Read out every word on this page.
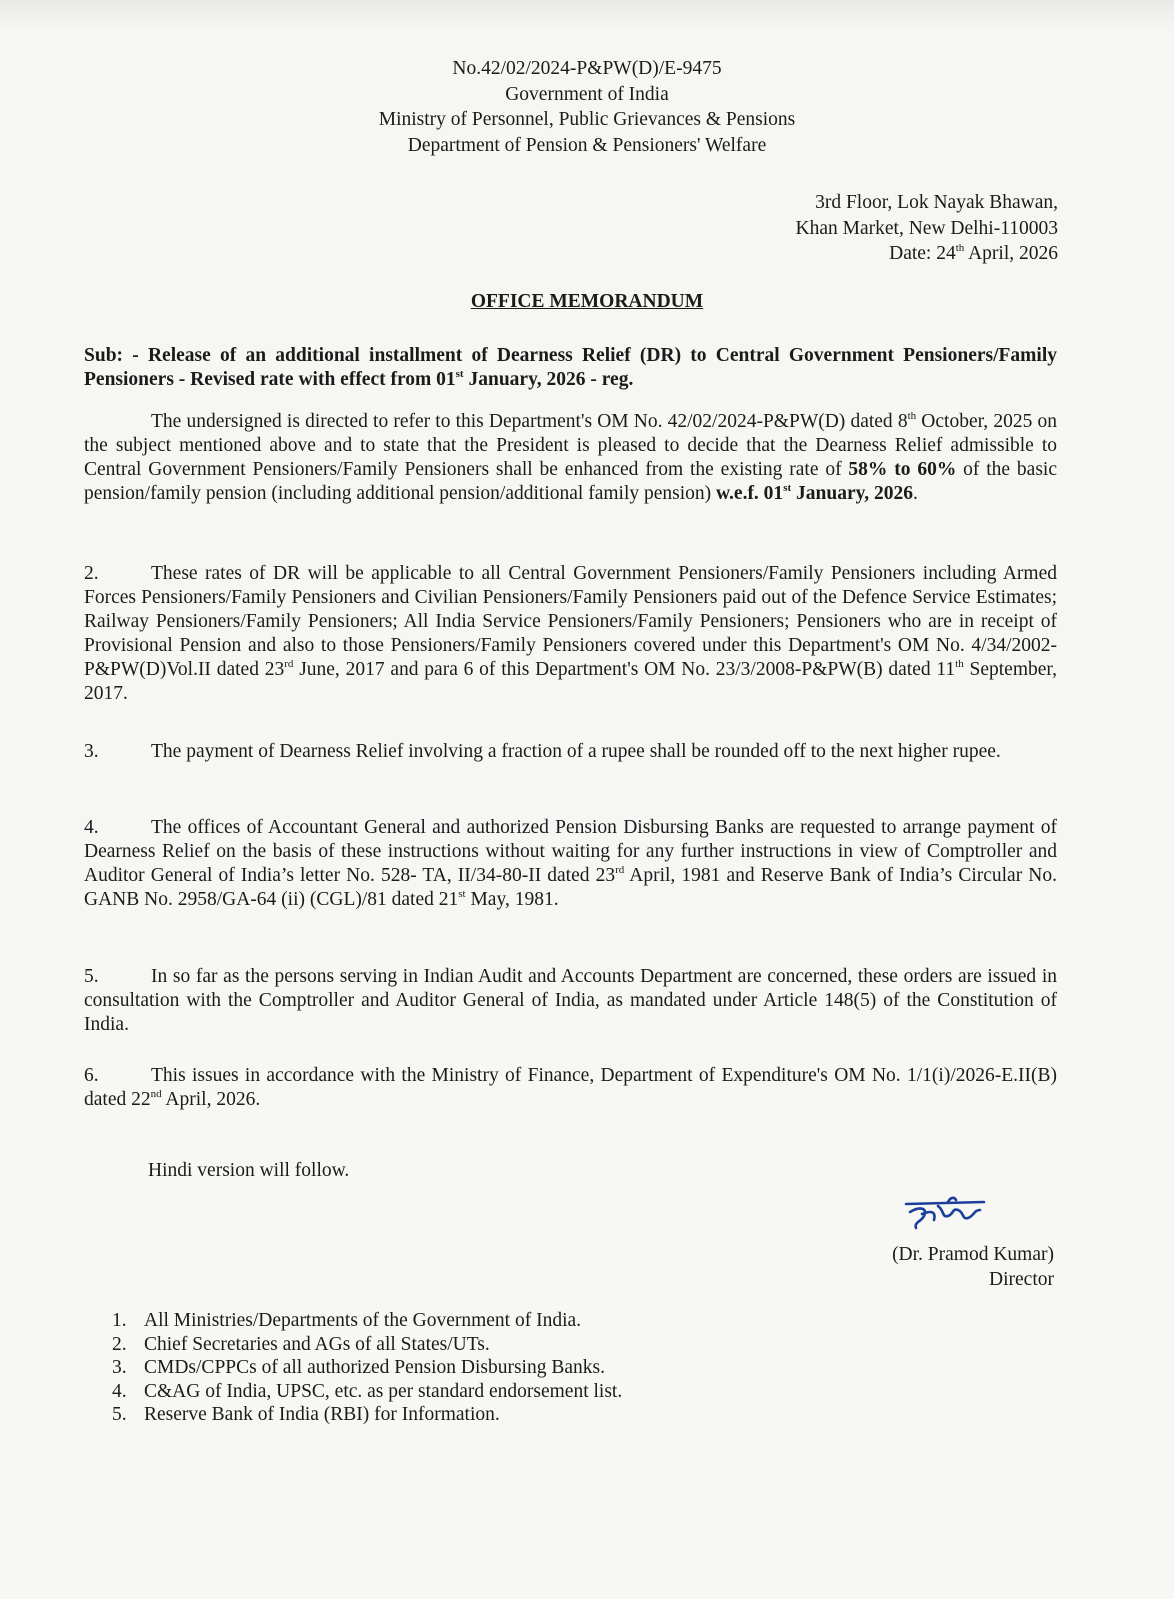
No.42/02/2024-P&PW(D)/E-9475
Government of India
Ministry of Personnel, Public Grievances & Pensions
Department of Pension & Pensioners' Welfare
3rd Floor, Lok Nayak Bhawan,
Khan Market, New Delhi-110003
Date: 24th April, 2026
OFFICE MEMORANDUM
Sub: - Release of an additional installment of Dearness Relief (DR) to Central Government Pensioners/Family Pensioners - Revised rate with effect from 01st January, 2026 - reg.
The undersigned is directed to refer to this Department's OM No. 42/02/2024-P&PW(D) dated 8th October, 2025 on the subject mentioned above and to state that the President is pleased to decide that the Dearness Relief admissible to Central Government Pensioners/Family Pensioners shall be enhanced from the existing rate of 58% to 60% of the basic pension/family pension (including additional pension/additional family pension) w.e.f. 01st January, 2026.
2.	These rates of DR will be applicable to all Central Government Pensioners/Family Pensioners including Armed Forces Pensioners/Family Pensioners and Civilian Pensioners/Family Pensioners paid out of the Defence Service Estimates; Railway Pensioners/Family Pensioners; All India Service Pensioners/Family Pensioners; Pensioners who are in receipt of Provisional Pension and also to those Pensioners/Family Pensioners covered under this Department's OM No. 4/34/2002-P&PW(D)Vol.II dated 23rd June, 2017 and para 6 of this Department's OM No. 23/3/2008-P&PW(B) dated 11th September, 2017.
3.	The payment of Dearness Relief involving a fraction of a rupee shall be rounded off to the next higher rupee.
4.	The offices of Accountant General and authorized Pension Disbursing Banks are requested to arrange payment of Dearness Relief on the basis of these instructions without waiting for any further instructions in view of Comptroller and Auditor General of India’s letter No. 528- TA, II/34-80-II dated 23rd April, 1981 and Reserve Bank of India’s Circular No. GANB No. 2958/GA-64 (ii) (CGL)/81 dated 21st May, 1981.
5.	In so far as the persons serving in Indian Audit and Accounts Department are concerned, these orders are issued in consultation with the Comptroller and Auditor General of India, as mandated under Article 148(5) of the Constitution of India.
6.	This issues in accordance with the Ministry of Finance, Department of Expenditure's OM No. 1/1(i)/2026-E.II(B) dated 22nd April, 2026.
Hindi version will follow.
(Dr. Pramod Kumar)
Director
1. All Ministries/Departments of the Government of India.
2. Chief Secretaries and AGs of all States/UTs.
3. CMDs/CPPCs of all authorized Pension Disbursing Banks.
4. C&AG of India, UPSC, etc. as per standard endorsement list.
5. Reserve Bank of India (RBI) for Information.
